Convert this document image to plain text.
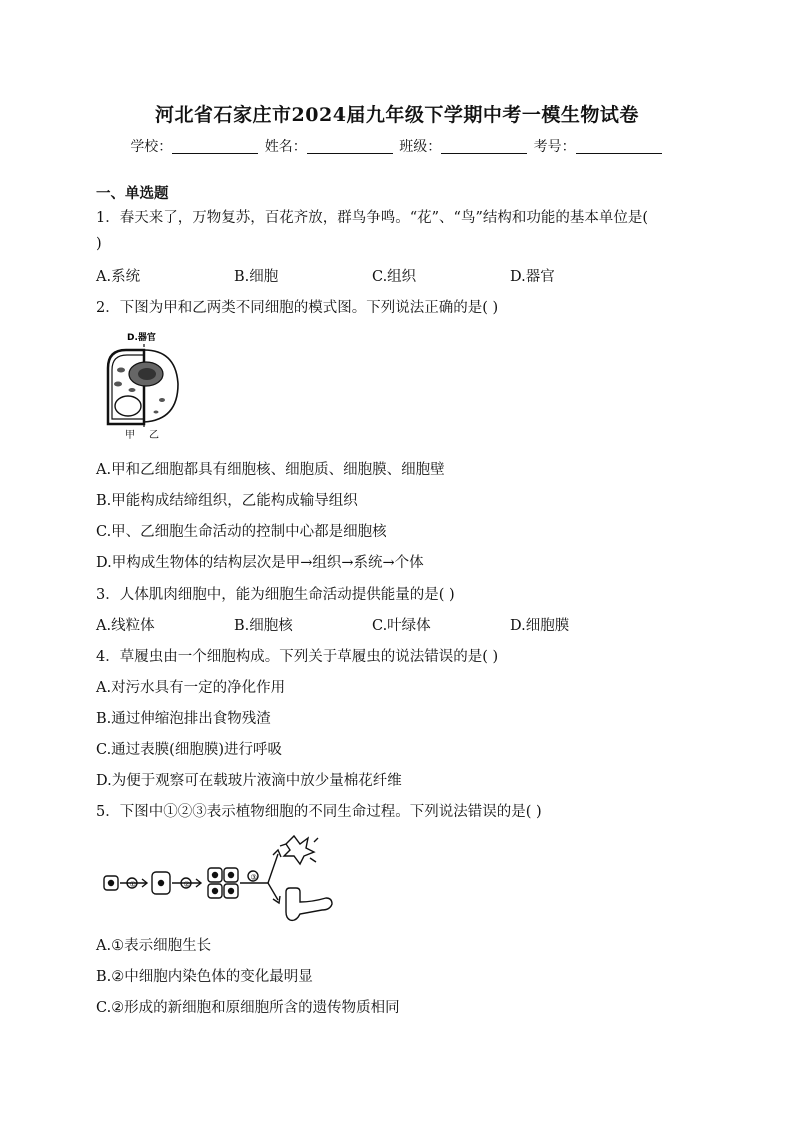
河北省石家庄市2024届九年级下学期中考一模生物试卷
学校：	姓名：	班级：	考号：
一、单选题
1．春天来了，万物复苏，百花齐放，群鸟争鸣。“花”、“鸟”结构和功能的基本单位是(
)
A.系统	B.细胞	C.组织	D.器官
2．下图为甲和乙两类不同细胞的模式图。下列说法正确的是( )
D.器官
甲 乙
A.甲和乙细胞都具有细胞核、细胞质、细胞膜、细胞壁
B.甲能构成结缔组织，乙能构成输导组织
C.甲、乙细胞生命活动的控制中心都是细胞核
D.甲构成生物体的结构层次是甲→组织→系统→个体
3．人体肌肉细胞中，能为细胞生命活动提供能量的是( )
A.线粒体	B.细胞核	C.叶绿体	D.细胞膜
4．草履虫由一个细胞构成。下列关于草履虫的说法错误的是( )
A.对污水具有一定的净化作用
B.通过伸缩泡排出食物残渣
C.通过表膜(细胞膜)进行呼吸
D.为便于观察可在载玻片液滴中放少量棉花纤维
5．下图中①②③表示植物细胞的不同生命过程。下列说法错误的是( )
①	②
③
A.①表示细胞生长
B.②中细胞内染色体的变化最明显
C.②形成的新细胞和原细胞所含的遗传物质相同
